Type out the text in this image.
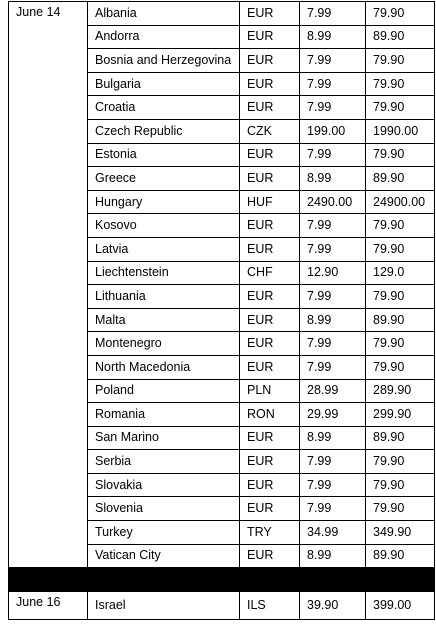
June 14	Albania	EUR	7.99	79.90
	Andorra	EUR	8.99	89.90
	Bosnia and Herzegovina	EUR	7.99	79.90
	Bulgaria	EUR	7.99	79.90
	Croatia	EUR	7.99	79.90
	Czech Republic	CZK	199.00	1990.00
	Estonia	EUR	7.99	79.90
	Greece	EUR	8.99	89.90
	Hungary	HUF	2490.00	24900.00
	Kosovo	EUR	7.99	79.90
	Latvia	EUR	7.99	79.90
	Liechtenstein	CHF	12.90	129.0
	Lithuania	EUR	7.99	79.90
	Malta	EUR	8.99	89.90
	Montenegro	EUR	7.99	79.90
	North Macedonia	EUR	7.99	79.90
	Poland	PLN	28.99	289.90
	Romania	RON	29.99	299.90
	San Marino	EUR	8.99	89.90
	Serbia	EUR	7.99	79.90
	Slovakia	EUR	7.99	79.90
	Slovenia	EUR	7.99	79.90
	Turkey	TRY	34.99	349.90
	Vatican City	EUR	8.99	89.90

June 16	Israel	ILS	39.90	399.00
